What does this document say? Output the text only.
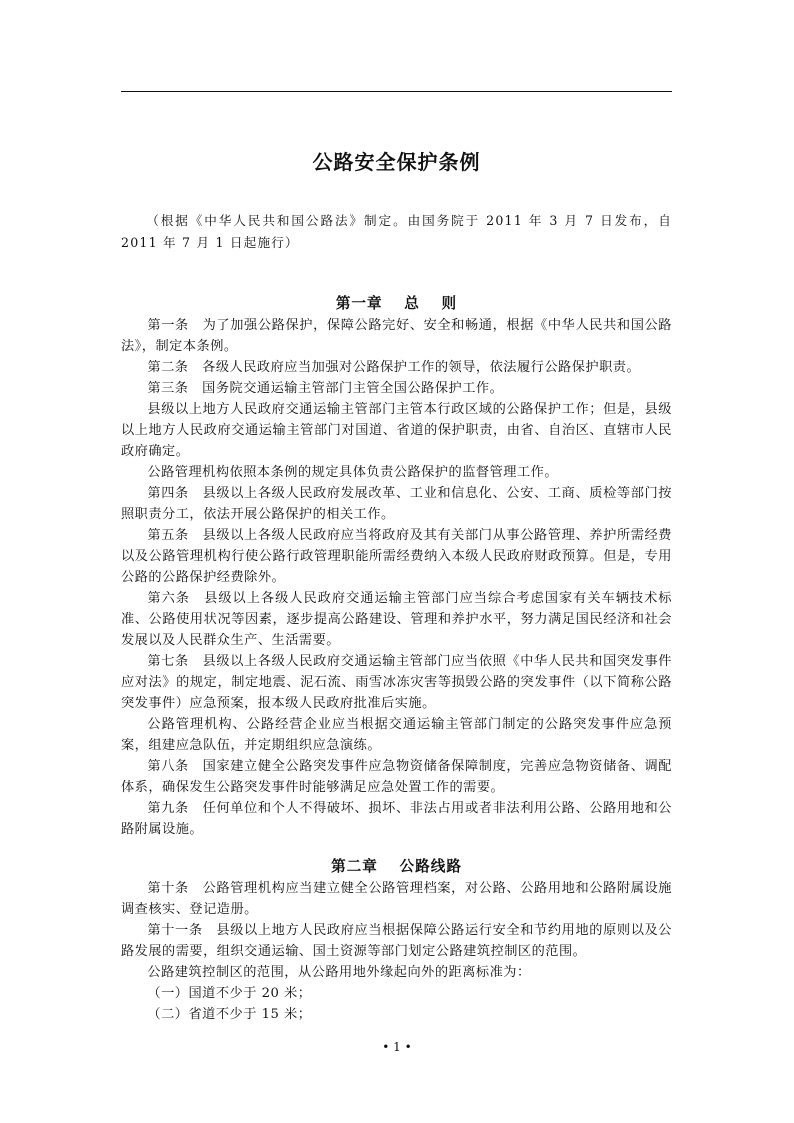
公路安全保护条例

（根据《中华人民共和国公路法》制定。由国务院于 2011 年 3 月 7 日发布，自 2011 年 7 月 1 日起施行）

第一章　 总　 则

第一条　为了加强公路保护，保障公路完好、安全和畅通，根据《中华人民共和国公路法》，制定本条例。

第二条　各级人民政府应当加强对公路保护工作的领导，依法履行公路保护职责。

第三条　国务院交通运输主管部门主管全国公路保护工作。

县级以上地方人民政府交通运输主管部门主管本行政区域的公路保护工作；但是，县级以上地方人民政府交通运输主管部门对国道、省道的保护职责，由省、自治区、直辖市人民政府确定。

公路管理机构依照本条例的规定具体负责公路保护的监督管理工作。

第四条　县级以上各级人民政府发展改革、工业和信息化、公安、工商、质检等部门按照职责分工，依法开展公路保护的相关工作。

第五条　县级以上各级人民政府应当将政府及其有关部门从事公路管理、养护所需经费以及公路管理机构行使公路行政管理职能所需经费纳入本级人民政府财政预算。但是，专用公路的公路保护经费除外。

第六条　县级以上各级人民政府交通运输主管部门应当综合考虑国家有关车辆技术标准、公路使用状况等因素，逐步提高公路建设、管理和养护水平，努力满足国民经济和社会发展以及人民群众生产、生活需要。

第七条　县级以上各级人民政府交通运输主管部门应当依照《中华人民共和国突发事件应对法》的规定，制定地震、泥石流、雨雪冰冻灾害等损毁公路的突发事件（以下简称公路突发事件）应急预案，报本级人民政府批准后实施。

公路管理机构、公路经营企业应当根据交通运输主管部门制定的公路突发事件应急预案，组建应急队伍，并定期组织应急演练。

第八条　国家建立健全公路突发事件应急物资储备保障制度，完善应急物资储备、调配体系，确保发生公路突发事件时能够满足应急处置工作的需要。

第九条　任何单位和个人不得破坏、损坏、非法占用或者非法利用公路、公路用地和公路附属设施。

第二章　 公路线路

第十条　公路管理机构应当建立健全公路管理档案，对公路、公路用地和公路附属设施调查核实、登记造册。

第十一条　县级以上地方人民政府应当根据保障公路运行安全和节约用地的原则以及公路发展的需要，组织交通运输、国土资源等部门划定公路建筑控制区的范围。

公路建筑控制区的范围，从公路用地外缘起向外的距离标准为：

（一）国道不少于 20 米；

（二）省道不少于 15 米；

• 1 •
